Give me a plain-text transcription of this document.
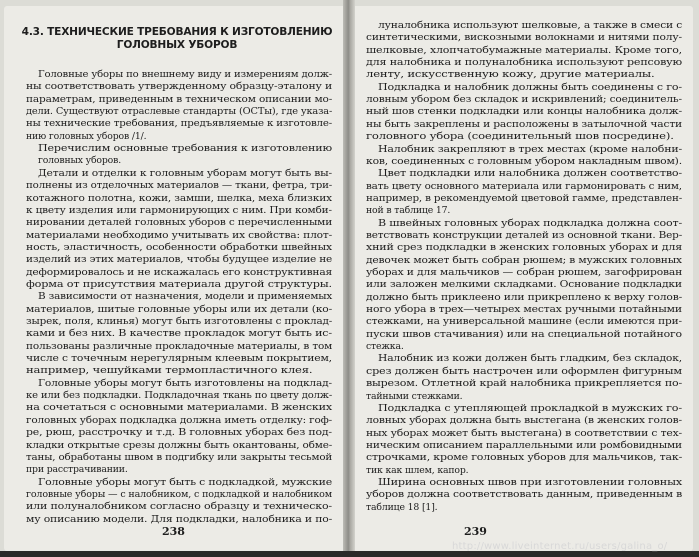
4.3. ТЕХНИЧЕСКИЕ ТРЕБОВАНИЯ К ИЗГОТОВЛЕНИЮ
ГОЛОВНЫХ УБОРОВ
Головные уборы по внешнему виду и измерениям долж-
ны соответствовать утвержденному образцу-эталону и
параметрам, приведенным в техническом описании мо-
дели. Существуют отраслевые стандарты (ОСТы), где указа-
ны технические требования, предъявляемые к изготовле-
нию головных уборов /1/.
Перечислим основные требования к изготовлению
головных уборов.
Детали и отделки к головным уборам могут быть вы-
полнены из отделочных материалов — ткани, фетра, три-
котажного полотна, кожи, замши, шелка, меха близких
к цвету изделия или гармонирующих с ним. При комби-
нировании деталей головных уборов с перечисленными
материалами необходимо учитывать их свойства: плот-
ность, эластичность, особенности обработки швейных
изделий из этих материалов, чтобы будущее изделие не
деформировалось и не искажалась его конструктивная
форма от присутствия материала другой структуры.
В зависимости от назначения, модели и применяемых
материалов, шитые головные уборы или их детали (ко-
зырек, поля, клинья) могут быть изготовлены с проклад-
ками и без них. В качестве прокладок могут быть ис-
пользованы различные прокладочные материалы, в том
числе с точечным нерегулярным клеевым покрытием,
например, чешуйками термопластичного клея.
Головные уборы могут быть изготовлены на подклад-
ке или без подкладки. Подкладочная ткань по цвету долж-
на сочетаться с основными материалами. В женских
головных уборах подкладка должна иметь отделку: гоф-
ре, рюш, расстрочку и т.д. В головных уборах без под-
кладки открытые срезы должны быть окантованы, обме-
таны, обработаны швом в подгибку или закрыты тесьмой
при расстрачивании.
Головные уборы могут быть с подкладкой, мужские
головные уборы — с налобником, с подкладкой и налобником
или полуналобником согласно образцу и техническо-
му описанию модели. Для подкладки, налобника и по-
238
луналобника используют шелковые, а также в смеси с
синтетическими, вискозными волокнами и нитями полу-
шелковые, хлопчатобумажные материалы. Кроме того,
для налобника и полуналобника используют репсовую
ленту, искусственную кожу, другие материалы.
Подкладка и налобник должны быть соединены с го-
ловным убором без складок и искривлений; соединитель-
ный шов стенки подкладки или концы налобника долж-
ны быть закреплены и расположены в затылочной части
головного убора (соединительный шов посредине).
Налобник закрепляют в трех местах (кроме налобни-
ков, соединенных с головным убором накладным швом).
Цвет подкладки или налобника должен соответство-
вать цвету основного материала или гармонировать с ним,
например, в рекомендуемой цветовой гамме, представлен-
ной в таблице 17.
В швейных головных уборах подкладка должна соот-
ветствовать конструкции деталей из основной ткани. Вер-
хний срез подкладки в женских головных уборах и для
девочек может быть собран рюшем; в мужских головных
уборах и для мальчиков — собран рюшем, загофрирован
или заложен мелкими складками. Основание подкладки
должно быть приклеено или прикреплено к верху голов-
ного убора в трех—четырех местах ручными потайными
стежками, на универсальной машине (если имеются при-
пуски швов стачивания) или на специальной потайного
стежка.
Налобник из кожи должен быть гладким, без складок,
срез должен быть настрочен или оформлен фигурным
вырезом. Отлетной край налобника прикрепляется по-
тайными стежками.
Подкладка с утепляющей прокладкой в мужских го-
ловных уборах должна быть выстегана (в женских голов-
ных уборах может быть выстегана) в соответствии с тех-
ническим описанием параллельными или ромбовидными
строчками, кроме головных уборов для мальчиков, так-
тик как шлем, капор.
Ширина основных швов при изготовлении головных
уборов должна соответствовать данным, приведенным в
таблице 18 [1].
239
http://www.liveinternet.ru/users/galina_o/
